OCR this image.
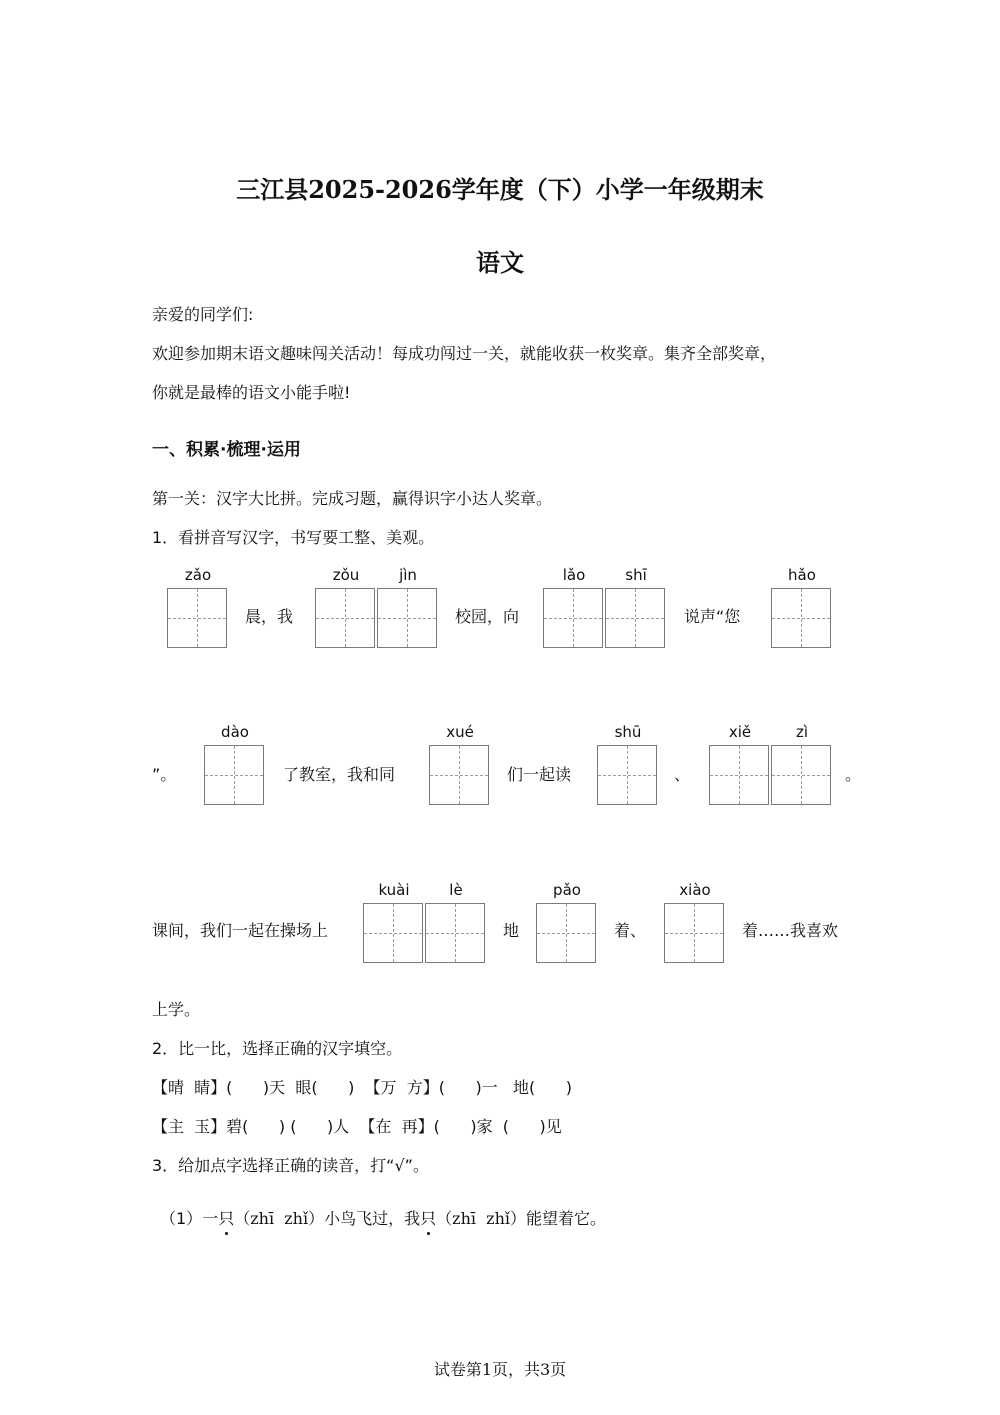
三江县2025-2026学年度（下）小学一年级期末
语文
亲爱的同学们:
欢迎参加期末语文趣味闯关活动！每成功闯过一关，就能收获一枚奖章。集齐全部奖章，
你就是最棒的语文小能手啦!
一、积累·梳理·运用
第一关：汉字大比拼。完成习题，赢得识字小达人奖章。
1．看拼音写汉字，书写要工整、美观。
zǎo
晨，我
zǒu	jìn
校园，向
lǎo	shī
说声“您
hǎo
”。
dào
了教室，我和同
xué
们一起读
shū
、
xiě	zì
。
课间，我们一起在操场上
kuài	lè
地
pǎo
着、
xiào
着……我喜欢
上学。
2．比一比，选择正确的汉字填空。
【晴  睛】(      )天  眼(      )  【万  方】(      )一   地(      )
【主  玉】碧(      ) (      )人  【在  再】(      )家  (      )见
3．给加点字选择正确的读音，打“√”。
（1）一只（zhī  zhǐ）小鸟飞过，我只（zhī  zhǐ）能望着它。
试卷第1页，共3页
